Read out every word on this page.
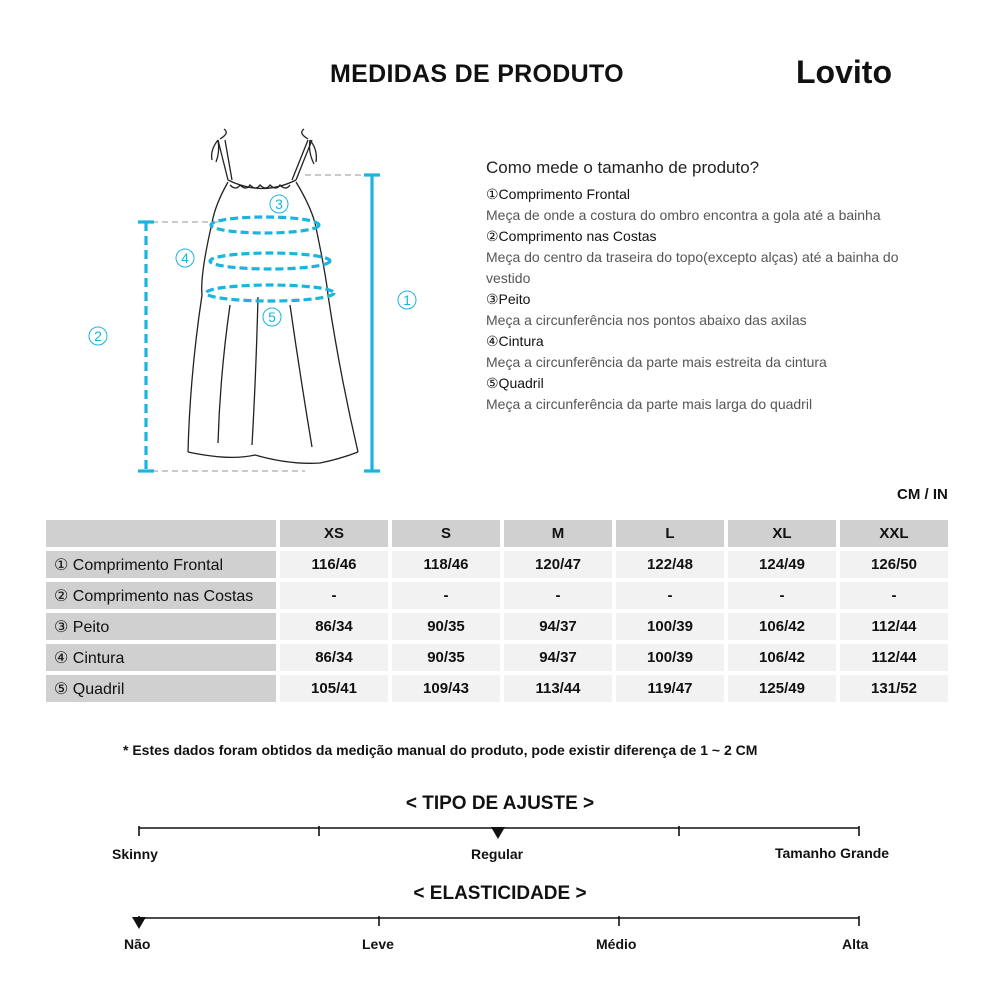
MEDIDAS DE PRODUTO	Lovito
1
2
3
4
5
Como mede o tamanho de produto?
①Comprimento Frontal
Meça de onde a costura do ombro encontra a gola até a bainha
②Comprimento nas Costas
Meça do centro da traseira do topo(excepto alças) até a bainha do vestido
③Peito
Meça a circunferência nos pontos abaixo das axilas
④Cintura
Meça a circunferência da parte mais estreita da cintura
⑤Quadril
Meça a circunferência da parte mais larga do quadril
CM / IN
	XS	S	M	L	XL	XXL
① Comprimento Frontal	116/46	118/46	120/47	122/48	124/49	126/50
② Comprimento nas Costas	-	-	-	-	-	-
③ Peito	86/34	90/35	94/37	100/39	106/42	112/44
④ Cintura	86/34	90/35	94/37	100/39	106/42	112/44
⑤ Quadril	105/41	109/43	113/44	119/47	125/49	131/52
* Estes dados foram obtidos da medição manual do produto, pode existir diferença de 1 ~ 2 CM
< TIPO DE AJUSTE >
Skinny	Regular	Tamanho Grande
< ELASTICIDADE >
Não	Leve	Médio	Alta
